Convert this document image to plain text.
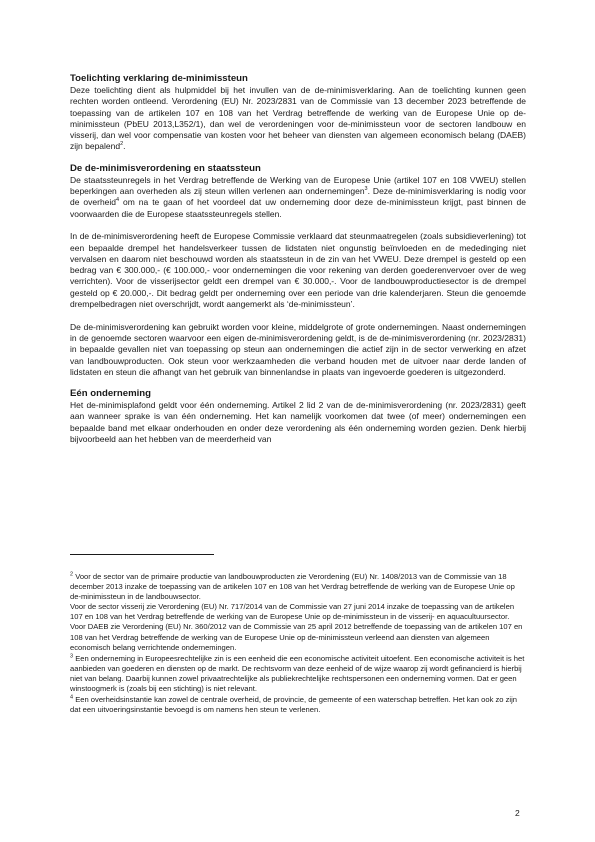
Toelichting verklaring de-minimissteun

Deze toelichting dient als hulpmiddel bij het invullen van de de-minimisverklaring. Aan de toelichting kunnen geen rechten worden ontleend. Verordening (EU) Nr. 2023/2831 van de Commissie van 13 december 2023 betreffende de toepassing van de artikelen 107 en 108 van het Verdrag betreffende de werking van de Europese Unie op de-minimissteun (PbEU 2013,L352/1), dan wel de verordeningen voor de-minimissteun voor de sectoren landbouw en visserij, dan wel voor compensatie van kosten voor het beheer van diensten van algemeen economisch belang (DAEB) zijn bepalend$^2$.

De de-minimisverordening en staatssteun

De staatssteunregels in het Verdrag betreffende de Werking van de Europese Unie (artikel 107 en 108 VWEU) stellen beperkingen aan overheden als zij steun willen verlenen aan ondernemingen$^3$. Deze de-minimisverklaring is nodig voor de overheid$^4$ om na te gaan of het voordeel dat uw onderneming door deze de-minimissteun krijgt, past binnen de voorwaarden die de Europese staatssteunregels stellen.

In de de-minimisverordening heeft de Europese Commissie verklaard dat steunmaatregelen (zoals subsidieverlening) tot een bepaalde drempel het handelsverkeer tussen de lidstaten niet ongunstig beïnvloeden en de mededinging niet vervalsen en daarom niet beschouwd worden als staatssteun in de zin van het VWEU. Deze drempel is gesteld op een bedrag van € 300.000,- (€ 100.000,- voor ondernemingen die voor rekening van derden goederenvervoer over de weg verrichten). Voor de visserijsector geldt een drempel van € 30.000,-. Voor de landbouwproductiesector is de drempel gesteld op € 20.000,-. Dit bedrag geldt per onderneming over een periode van drie kalenderjaren. Steun die genoemde drempelbedragen niet overschrijdt, wordt aangemerkt als ‘de-minimissteun’.

De de-minimisverordening kan gebruikt worden voor kleine, middelgrote of grote ondernemingen. Naast ondernemingen in de genoemde sectoren waarvoor een eigen de-minimisverordening geldt, is de de-minimisverordening (nr. 2023/2831) in bepaalde gevallen niet van toepassing op steun aan ondernemingen die actief zijn in de sector verwerking en afzet van landbouwproducten. Ook steun voor werkzaamheden die verband houden met de uitvoer naar derde landen of lidstaten en steun die afhangt van het gebruik van binnenlandse in plaats van ingevoerde goederen is uitgezonderd.

Eén onderneming

Het de-minimisplafond geldt voor één onderneming. Artikel 2 lid 2 van de de-minimisverordening (nr. 2023/2831) geeft aan wanneer sprake is van één onderneming. Het kan namelijk voorkomen dat twee (of meer) ondernemingen een bepaalde band met elkaar onderhouden en onder deze verordening als één onderneming worden gezien. Denk hierbij bijvoorbeeld aan het hebben van de meerderheid van

$^2$ Voor de sector van de primaire productie van landbouwproducten zie Verordening (EU) Nr. 1408/2013 van de Commissie van 18 december 2013 inzake de toepassing van de artikelen 107 en 108 van het Verdrag betreffende de werking van de Europese Unie op de-minimissteun in de landbouwsector.

Voor de sector visserij zie Verordening (EU) Nr. 717/2014 van de Commissie van 27 juni 2014 inzake de toepassing van de artikelen 107 en 108 van het Verdrag betreffende de werking van de Europese Unie op de-minimissteun in de visserij- en aquacultuursector.

Voor DAEB zie Verordening (EU) Nr. 360/2012 van de Commissie van 25 april 2012 betreffende de toepassing van de artikelen 107 en 108 van het Verdrag betreffende de werking van de Europese Unie op de-minimissteun verleend aan diensten van algemeen economisch belang verrichtende ondernemingen.

$^3$ Een onderneming in Europeesrechtelijke zin is een eenheid die een economische activiteit uitoefent. Een economische activiteit is het aanbieden van goederen en diensten op de markt. De rechtsvorm van deze eenheid of de wijze waarop zij wordt gefinancierd is hierbij niet van belang. Daarbij kunnen zowel privaatrechtelijke als publiekrechtelijke rechtspersonen een onderneming vormen. Dat er geen winstoogmerk is (zoals bij een stichting) is niet relevant.

$^4$ Een overheidsinstantie kan zowel de centrale overheid, de provincie, de gemeente of een waterschap betreffen. Het kan ook zo zijn dat een uitvoeringsinstantie bevoegd is om namens hen steun te verlenen.

2
